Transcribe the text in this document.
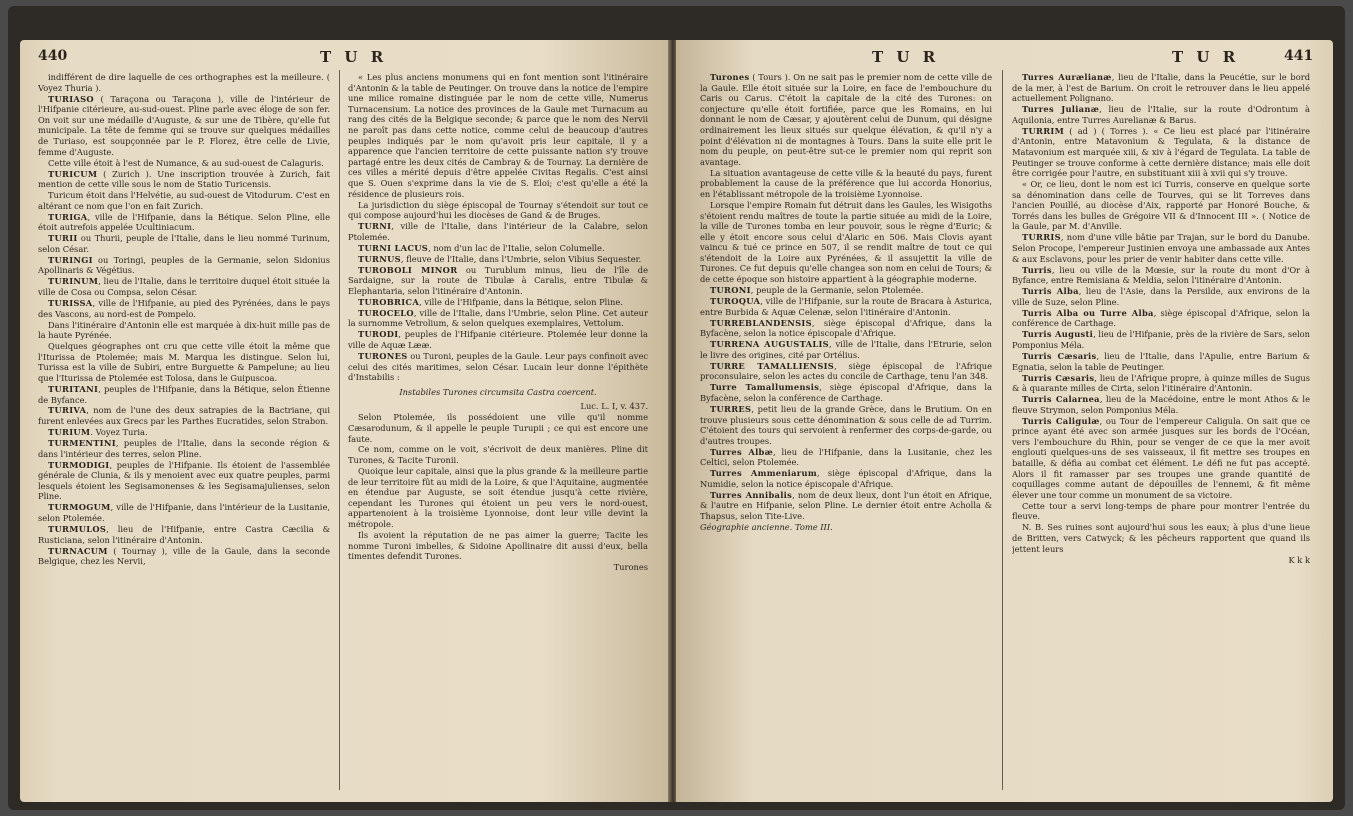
440	T U R

indifférent de dire laquelle de ces orthographes est la meilleure. ( Voyez Thuria ).

TURIASO ( Taraçona ou Taraçona ), ville de l'intérieur de l'Hifpanie citérieure, au-sud-ouest. Pline parle avec éloge de son fer. On voit sur une médaille d'Auguste, & sur une de Tibère, qu'elle fut municipale. La tête de femme qui se trouve sur quelques médailles de Turiaso, est soupçonnée par le P. Florez, être celle de Livie, femme d'Auguste.

Cette ville étoit à l'est de Numance, & au sud-ouest de Calaguris.

TURICUM ( Zurich ). Une inscription trouvée à Zurich, fait mention de cette ville sous le nom de Statio Turicensis.

Turicum étoit dans l'Helvétie, au sud-ouest de Vitodurum. C'est en altérant ce nom que l'on en fait Zurich.

TURIGA, ville de l'Hifpanie, dans la Bétique. Selon Pline, elle étoit autrefois appelée Ucultiniacum.

TURII ou Thurii, peuple de l'Italie, dans le lieu nommé Turinum, selon César.

TURINGI ou Toringi, peuples de la Germanie, selon Sidonius Apollinaris & Végétius.

TURINUM, lieu de l'Italie, dans le territoire duquel étoit située la ville de Cosa ou Compsa, selon César.

TURISSA, ville de l'Hifpanie, au pied des Pyrénées, dans le pays des Vascons, au nord-est de Pompelo.

Dans l'itinéraire d'Antonin elle est marquée à dix-huit mille pas de la haute Pyrénée.

Quelques géographes ont cru que cette ville étoit la même que l'Iturissa de Ptolemée; mais M. Marqua les distingue. Selon lui, Turissa est la ville de Subiri, entre Burguette & Pampelune; au lieu que l'Iturissa de Ptolemée est Tolosa, dans le Guipuscoa.

TURITANI, peuples de l'Hifpanie, dans la Bétique, selon Étienne de Byfance.

TURIVA, nom de l'une des deux satrapies de la Bactriane, qui furent enlevées aux Grecs par les Parthes Eucratides, selon Strabon.

TURIUM. Voyez Turia.

TURMENTINI, peuples de l'Italie, dans la seconde région & dans l'intérieur des terres, selon Pline.

TURMODIGI, peuples de l'Hifpanie. Ils étoient de l'assemblée générale de Clunia, & ils y menoient avec eux quatre peuples, parmi lesquels étoient les Segisamonenses & les Segisamajulienses, selon Pline.

TURMOGUM, ville de l'Hifpanie, dans l'intérieur de la Lusitanie, selon Ptolemée.

TURMULOS, lieu de l'Hifpanie, entre Castra Cæcilia & Rusticiana, selon l'itinéraire d'Antonin.

TURNACUM ( Tournay ), ville de la Gaule, dans la seconde Belgique, chez les Nervii,

« Les plus anciens monumens qui en font mention sont l'itinéraire d'Antonin & la table de Peutinger. On trouve dans la notice de l'empire une milice romaine distinguée par le nom de cette ville, Numerus Turnacensium. La notice des provinces de la Gaule met Turnacum au rang des cités de la Belgique seconde; & parce que le nom des Nervii ne paroît pas dans cette notice, comme celui de beaucoup d'autres peuples indiqués par le nom qu'avoit pris leur capitale, il y a apparence que l'ancien territoire de cette puissante nation s'y trouve partagé entre les deux cités de Cambray & de Tournay. La dernière de ces villes a mérité depuis d'être appelée Civitas Regalis. C'est ainsi que S. Ouen s'exprime dans la vie de S. Eloi; c'est qu'elle a été la résidence de plusieurs rois.

La jurisdiction du siège épiscopal de Tournay s'étendoit sur tout ce qui compose aujourd'hui les diocèses de Gand & de Bruges.

TURNI, ville de l'Italie, dans l'intérieur de la Calabre, selon Ptolemée.

TURNI LACUS, nom d'un lac de l'Italie, selon Columelle.

TURNUS, fleuve de l'Italie, dans l'Umbrie, selon Vibius Sequester.

TUROBOLI MINOR ou Turublum minus, lieu de l'île de Sardaigne, sur la route de Tibulæ à Caralis, entre Tibulæ & Elephantaria, selon l'itinéraire d'Antonin.

TUROBRICA, ville de l'Hifpanie, dans la Bétique, selon Pline.

TUROCELO, ville de l'Italie, dans l'Umbrie, selon Pline. Cet auteur la surnomme Vetrolium, & selon quelques exemplaires, Vettolum.

TURODI, peuples de l'Hifpanie citérieure. Ptolemée leur donne la ville de Aquæ Lææ.

TURONES ou Turoni, peuples de la Gaule. Leur pays confinoit avec celui des cités maritimes, selon César. Lucain leur donne l'épithète d'Instabilis :

Instabiles Turones circumsita Castra coercent.

Luc. L. I, v. 437.

Selon Ptolemée, ils possédoient une ville qu'il nomme Cæsarodunum, & il appelle le peuple Turupii ; ce qui est encore une faute.

Ce nom, comme on le voit, s'écrivoit de deux manières. Pline dit Turones, & Tacite Turonii.

Quoique leur capitale, ainsi que la plus grande & la meilleure partie de leur territoire fût au midi de la Loire, & que l'Aquitaine, augmentée en étendue par Auguste, se soit étendue jusqu'à cette rivière, cependant les Turones qui étoient un peu vers le nord-ouest, appartenoient à la troisième Lyonnoise, dont leur ville devint la métropole.

Ils avoient la réputation de ne pas aimer la guerre; Tacite les nomme Turoni imbelles, & Sidoine Apollinaire dit aussi d'eux, bella timentes defendit Turones.

Turones

T U R	T U R	441

Turones ( Tours ). On ne sait pas le premier nom de cette ville de la Gaule. Elle étoit située sur la Loire, en face de l'embouchure du Caris ou Carus. C'étoit la capitale de la cité des Turones: on conjecture qu'elle étoit fortifiée, parce que les Romains, en lui donnant le nom de Cæsar, y ajoutèrent celui de Dunum, qui désigne ordinairement les lieux situés sur quelque élévation, & qu'il n'y a point d'élévation ni de montagnes à Tours. Dans la suite elle prit le nom du peuple, on peut-être sut-ce le premier nom qui reprit son avantage.

La situation avantageuse de cette ville & la beauté du pays, furent probablement la cause de la préférence que lui accorda Honorius, en l'établissant métropole de la troisième Lyonnoise.

Lorsque l'empire Romain fut détruit dans les Gaules, les Wisigoths s'étoient rendu maîtres de toute la partie située au midi de la Loire, la ville de Turones tomba en leur pouvoir, sous le règne d'Euric; & elle y étoit encore sous celui d'Alaric en 506. Mais Clovis ayant vaincu & tué ce prince en 507, il se rendit maître de tout ce qui s'étendoit de la Loire aux Pyrénées, & il assujettit la ville de Turones. Ce fut depuis qu'elle changea son nom en celui de Tours; & de cette époque son histoire appartient à la géographie moderne.

TURONI, peuple de la Germanie, selon Ptolemée.

TUROQUA, ville de l'Hifpanie, sur la route de Bracara à Asturica, entre Burbida & Aquæ Celenæ, selon l'itinéraire d'Antonin.

TURREBLANDENSIS, siège épiscopal d'Afrique, dans la Byfacène, selon la notice épiscopale d'Afrique.

TURRENA AUGUSTALIS, ville de l'Italie, dans l'Etrurie, selon le livre des origines, cité par Ortélius.

TURRE TAMALLIENSIS, siège épiscopal de l'Afrique proconsulaire, selon les actes du concile de Carthage, tenu l'an 348.

Turre Tamallumensis, siège épiscopal d'Afrique, dans la Byfacène, selon la conférence de Carthage.

TURRES, petit lieu de la grande Grèce, dans le Brutium. On en trouve plusieurs sous cette dénomination & sous celle de ad Turrim. C'étoient des tours qui servoient à renfermer des corps-de-garde, ou d'autres troupes.

Turres Albæ, lieu de l'Hifpanie, dans la Lusitanie, chez les Celtici, selon Ptolemée.

Turres Ammeniarum, siège épiscopal d'Afrique, dans la Numidie, selon la notice épiscopale d'Afrique.

Turres Annibalis, nom de deux lieux, dont l'un étoit en Afrique, & l'autre en Hifpanie, selon Pline. Le dernier étoit entre Acholla & Thapsus, selon Tite-Live.

Géographie ancienne. Tome III.

Turres Aurælianæ, lieu de l'Italie, dans la Peucétie, sur le bord de la mer, à l'est de Barium. On croit le retrouver dans le lieu appelé actuellement Polignano.

Turres Julianæ, lieu de l'Italie, sur la route d'Odrontum à Aquilonia, entre Turres Aurelianæ & Barus.

TURRIM ( ad ) ( Torres ). « Ce lieu est placé par l'itinéraire d'Antonin, entre Matavonium & Tegulata, & la distance de Matavonium est marquée xiii, & xiv à l'égard de Tegulata. La table de Peutinger se trouve conforme à cette dernière distance; mais elle doit être corrigée pour l'autre, en substituant xiii à xvii qui s'y trouve.

« Or, ce lieu, dont le nom est ici Turris, conserve en quelque sorte sa dénomination dans celle de Tourves, qui se lit Torreves dans l'ancien Pouillé, au diocèse d'Aix, rapporté par Honoré Bouche, & Torrés dans les bulles de Grégoire VII & d'Innocent III ». ( Notice de la Gaule, par M. d'Anville.

TURRIS, nom d'une ville bâtie par Trajan, sur le bord du Danube. Selon Procope, l'empereur Justinien envoya une ambassade aux Antes & aux Esclavons, pour les prier de venir habiter dans cette ville.

Turris, lieu ou ville de la Mœsie, sur la route du mont d'Or à Byfance, entre Remisiana & Meldia, selon l'itinéraire d'Antonin.

Turris Alba, lieu de l'Asie, dans la Persilde, aux environs de la ville de Suze, selon Pline.

Turris Alba ou Turre Alba, siège épiscopal d'Afrique, selon la conférence de Carthage.

Turris Augusti, lieu de l'Hifpanie, près de la rivière de Sars, selon Pomponius Méla.

Turris Cæsaris, lieu de l'Italie, dans l'Apulie, entre Barium & Egnatia, selon la table de Peutinger.

Turris Cæsaris, lieu de l'Afrique propre, à quinze milles de Sugus & à quarante milles de Cirta, selon l'itinéraire d'Antonin.

Turris Calarnea, lieu de la Macédoine, entre le mont Athos & le fleuve Strymon, selon Pomponius Méla.

Turris Caligulæ, ou Tour de l'empereur Caligula. On sait que ce prince ayant été avec son armée jusques sur les bords de l'Océan, vers l'embouchure du Rhin, pour se venger de ce que la mer avoit englouti quelques-uns de ses vaisseaux, il fit mettre ses troupes en bataille, & défia au combat cet élément. Le défi ne fut pas accepté. Alors il fit ramasser par ses troupes une grande quantité de coquillages comme autant de dépouilles de l'ennemi, & fit même élever une tour comme un monument de sa victoire.

Cette tour a servi long-temps de phare pour montrer l'entrée du fleuve.

N. B. Ses ruines sont aujourd'hui sous les eaux; à plus d'une lieue de Britten, vers Catwyck; & les pêcheurs rapportent que quand ils jettent leurs

K k k
